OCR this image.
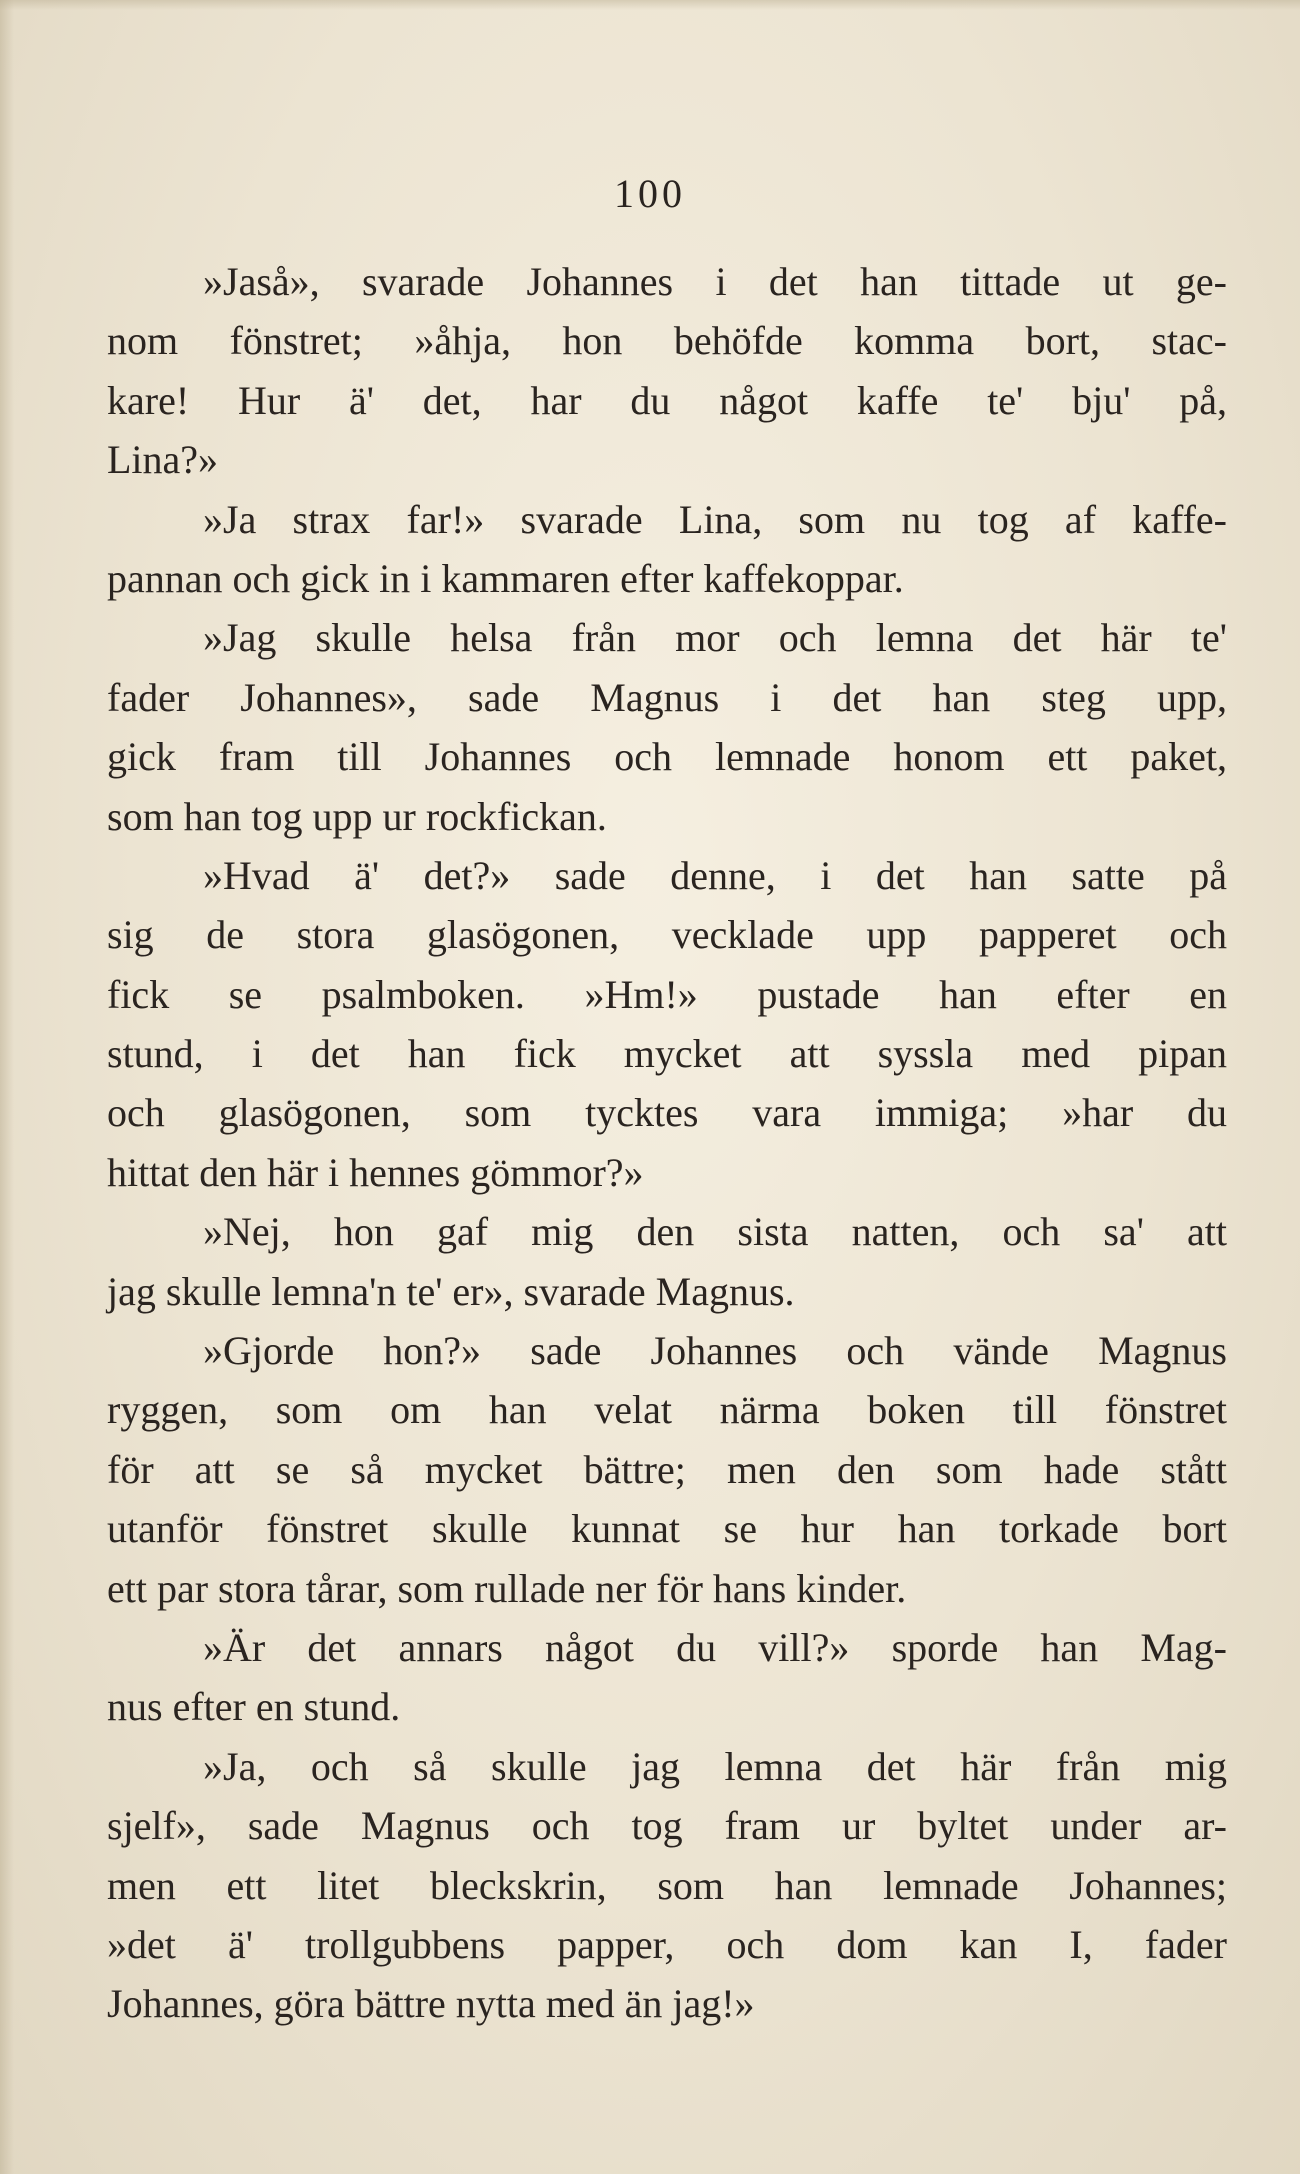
100
»Jaså», svarade Johannes i det han tittade ut ge-
nom fönstret; »åhja, hon behöfde komma bort, stac-
kare! Hur ä' det, har du något kaffe te' bju' på,
Lina?»
»Ja strax far!» svarade Lina, som nu tog af kaffe-
pannan och gick in i kammaren efter kaffekoppar.
»Jag skulle helsa från mor och lemna det här te'
fader Johannes», sade Magnus i det han steg upp,
gick fram till Johannes och lemnade honom ett paket,
som han tog upp ur rockfickan.
»Hvad ä' det?» sade denne, i det han satte på
sig de stora glasögonen, vecklade upp papperet och
fick se psalmboken. »Hm!» pustade han efter en
stund, i det han fick mycket att syssla med pipan
och glasögonen, som tycktes vara immiga; »har du
hittat den här i hennes gömmor?»
»Nej, hon gaf mig den sista natten, och sa' att
jag skulle lemna'n te' er», svarade Magnus.
»Gjorde hon?» sade Johannes och vände Magnus
ryggen, som om han velat närma boken till fönstret
för att se så mycket bättre; men den som hade stått
utanför fönstret skulle kunnat se hur han torkade bort
ett par stora tårar, som rullade ner för hans kinder.
»Är det annars något du vill?» sporde han Mag-
nus efter en stund.
»Ja, och så skulle jag lemna det här från mig
sjelf», sade Magnus och tog fram ur byltet under ar-
men ett litet bleckskrin, som han lemnade Johannes;
»det ä' trollgubbens papper, och dom kan I, fader
Johannes, göra bättre nytta med än jag!»
